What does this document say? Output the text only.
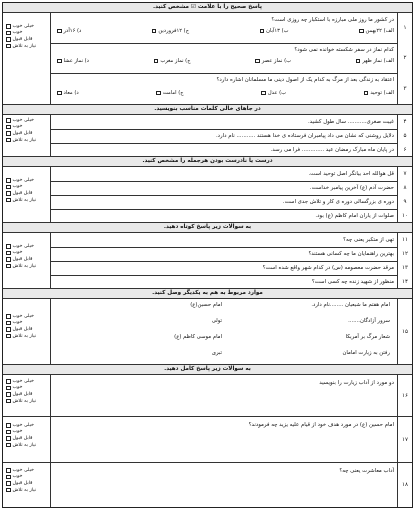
پاسخ صحیح را با علامت ☑ مشخص کنید.
خیلی خوب
خوب
قابل قبول
نیاز به تلاش
۱
در کشور ما روز ملی مبارزه با استکبار چه روزی است؟
الف) ۲۲بهمن
ب) ۱۳آبان
ج) ۱۲فروردین
د) ۱۶آذر
۲
کدام نماز در سفر شکسته خوانده نمی شود؟
الف) نماز ظهر
ب) نماز عصر
ج) نماز مغرب
د) نماز عشا
۳
اعتقاد به زندگی بعد از مرگ به کدام یک از اصول دینی ما مسلمانان اشاره دارد؟
الف) توحید
ب) عدل
ج) امامت
د) معاد
در جاهای خالی کلمات مناسب بنویسید.
خیلی خوب
خوب
قابل قبول
نیاز به تلاش
۴
غیبت صغری........... سال طول کشید.
۵
دلایل روشنی که نشان می داد پیامبران فرستاده ی خدا هستند ........... نام دارد.
۶
در پایان ماه مبارک رمضان عید ............. فرا می رسد.
درست یا نادرست بودن هرجمله را مشخص کنید.
خیلی خوب
خوب
قابل قبول
نیاز به تلاش
۷
قل هوالله احد بیانگر اصل توحید است.
۸
حضرت آدم (ع) آخرین پیامبر خداست.
۹
دوره ی بزرگسالی دوره ی کار و تلاش جدی است.
۱۰
صلوات از یاران امام کاظم (ع) بود.
به سوالات زیر پاسخ کوتاه دهید.
خیلی خوب
خوب
قابل قبول
نیاز به تلاش
۱۱
تهی از متکبر یعنی چه؟
۱۲
بهترین راهنمایان ما چه کسانی هستند؟
۱۳
مرقد حضرت معصومه (س) در کدام شهر واقع شده است؟
۱۴
منظور از شهید زنده چه کسی است؟
موارد مربوط به هم به یکدیگر وصل کنید.
خیلی خوب
خوب
قابل قبول
نیاز به تلاش
۱۵
امام هفتم ما شیعیان ........نام دارد.
سرور آزادگان.......
شعار مرگ بر آمریکا
رفتن به زیارت امامان
امام حسین(ع)
تولی
امام موسی کاظم (ع)
تبری
به سوالات زیر پاسخ کامل دهید.
خیلی خوب
خوب
قابل قبول
نیاز به تلاش
۱۶
دو مورد از آداب زیارت را بنویسید
خیلی خوب
خوب
قابل قبول
نیاز به تلاش
۱۷
امام حسین (ع) در مورد هدف خود از قیام علیه یزید چه فرمودند؟
خیلی خوب
خوب
قابل قبول
نیاز به تلاش
۱۸
آداب معاشرت یعنی چه؟
